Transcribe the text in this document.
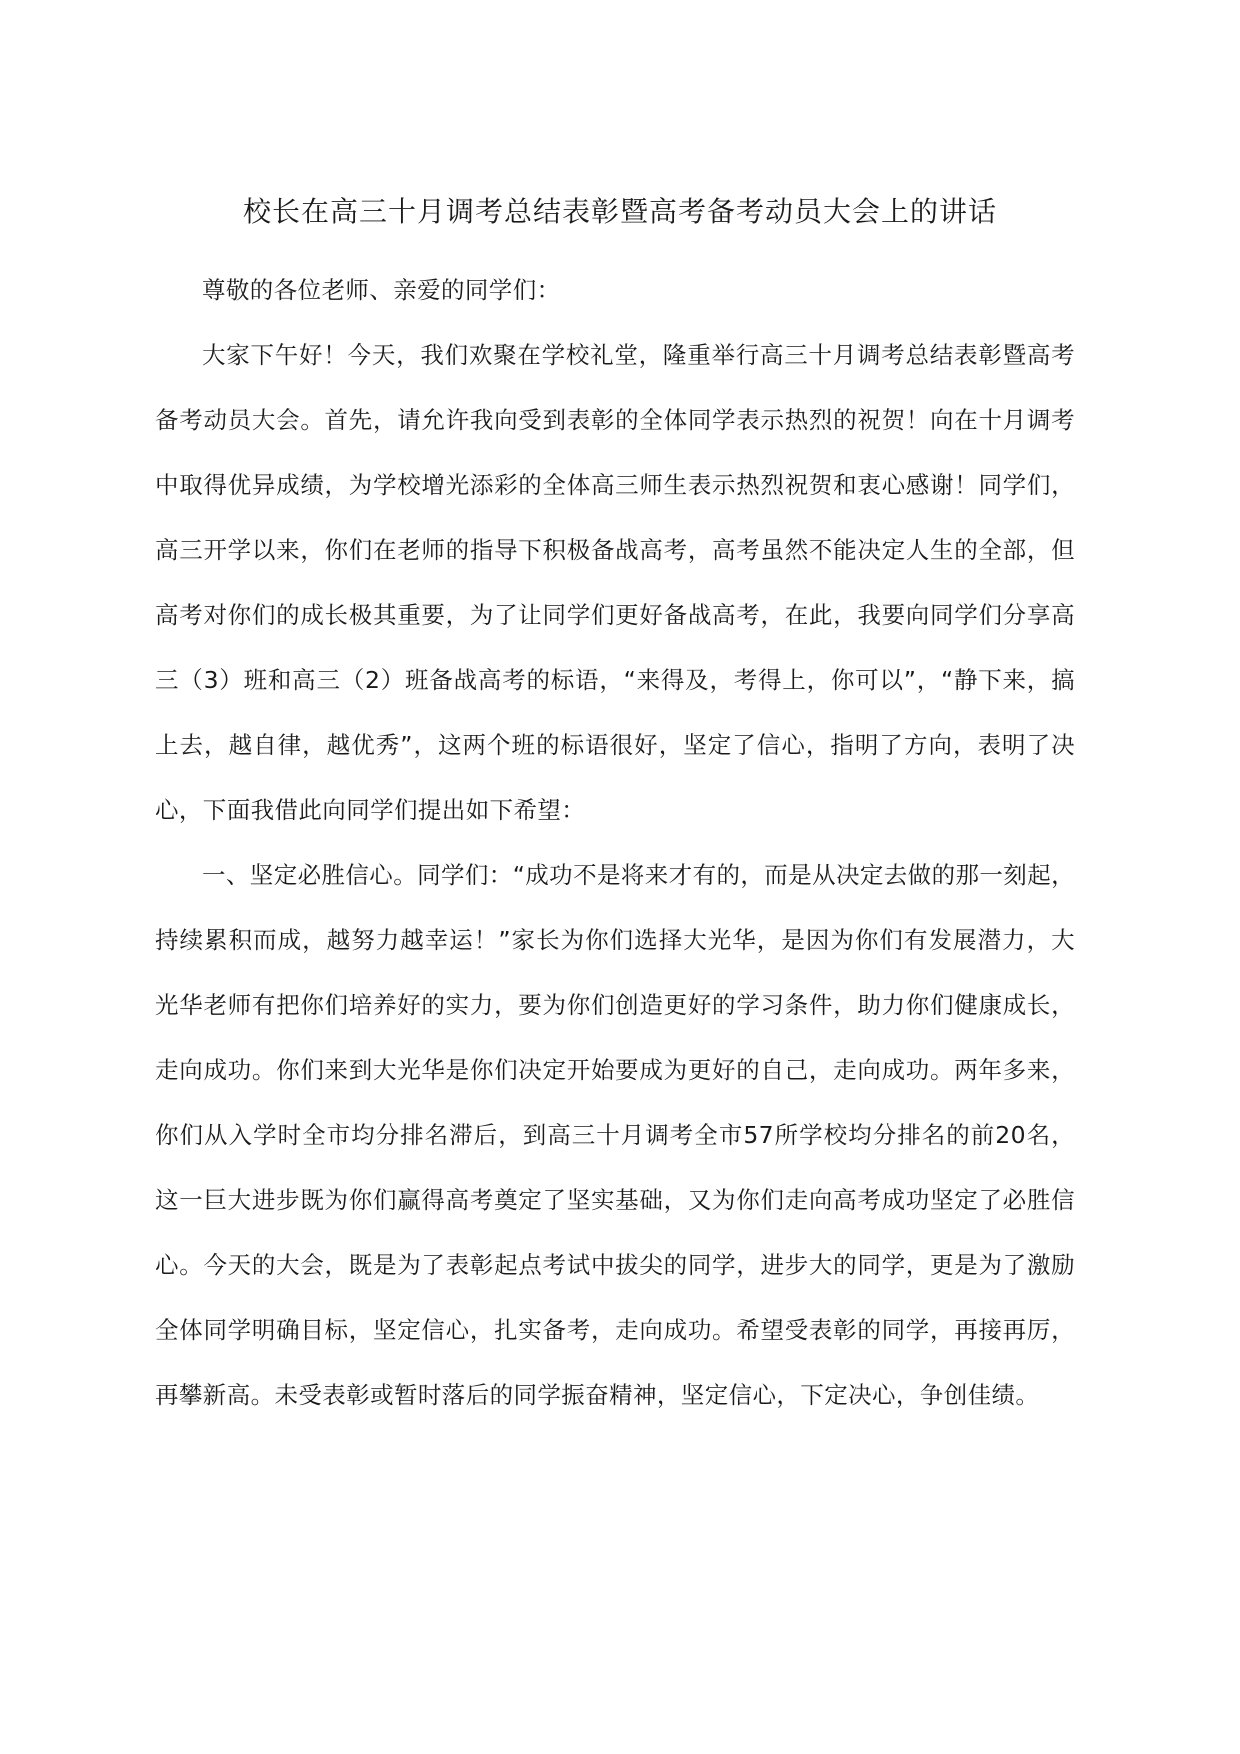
校长在高三十月调考总结表彰暨高考备考动员大会上的讲话

尊敬的各位老师、亲爱的同学们：

大家下午好！今天，我们欢聚在学校礼堂，隆重举行高三十月调考总结表彰暨高考备考动员大会。首先，请允许我向受到表彰的全体同学表示热烈的祝贺！向在十月调考中取得优异成绩，为学校增光添彩的全体高三师生表示热烈祝贺和衷心感谢！同学们，高三开学以来，你们在老师的指导下积极备战高考，高考虽然不能决定人生的全部，但高考对你们的成长极其重要，为了让同学们更好备战高考，在此，我要向同学们分享高三（3）班和高三（2）班备战高考的标语，“来得及，考得上，你可以”，“静下来，搞上去，越自律，越优秀”，这两个班的标语很好，坚定了信心，指明了方向，表明了决心，下面我借此向同学们提出如下希望：

一、坚定必胜信心。同学们：“成功不是将来才有的，而是从决定去做的那一刻起，持续累积而成，越努力越幸运！”家长为你们选择大光华，是因为你们有发展潜力，大光华老师有把你们培养好的实力，要为你们创造更好的学习条件，助力你们健康成长，走向成功。你们来到大光华是你们决定开始要成为更好的自己，走向成功。两年多来，你们从入学时全市均分排名滞后，到高三十月调考全市57所学校均分排名的前20名，这一巨大进步既为你们赢得高考奠定了坚实基础，又为你们走向高考成功坚定了必胜信心。今天的大会，既是为了表彰起点考试中拔尖的同学，进步大的同学，更是为了激励全体同学明确目标，坚定信心，扎实备考，走向成功。希望受表彰的同学，再接再厉，再攀新高。未受表彰或暂时落后的同学振奋精神，坚定信心，下定决心，争创佳绩。
